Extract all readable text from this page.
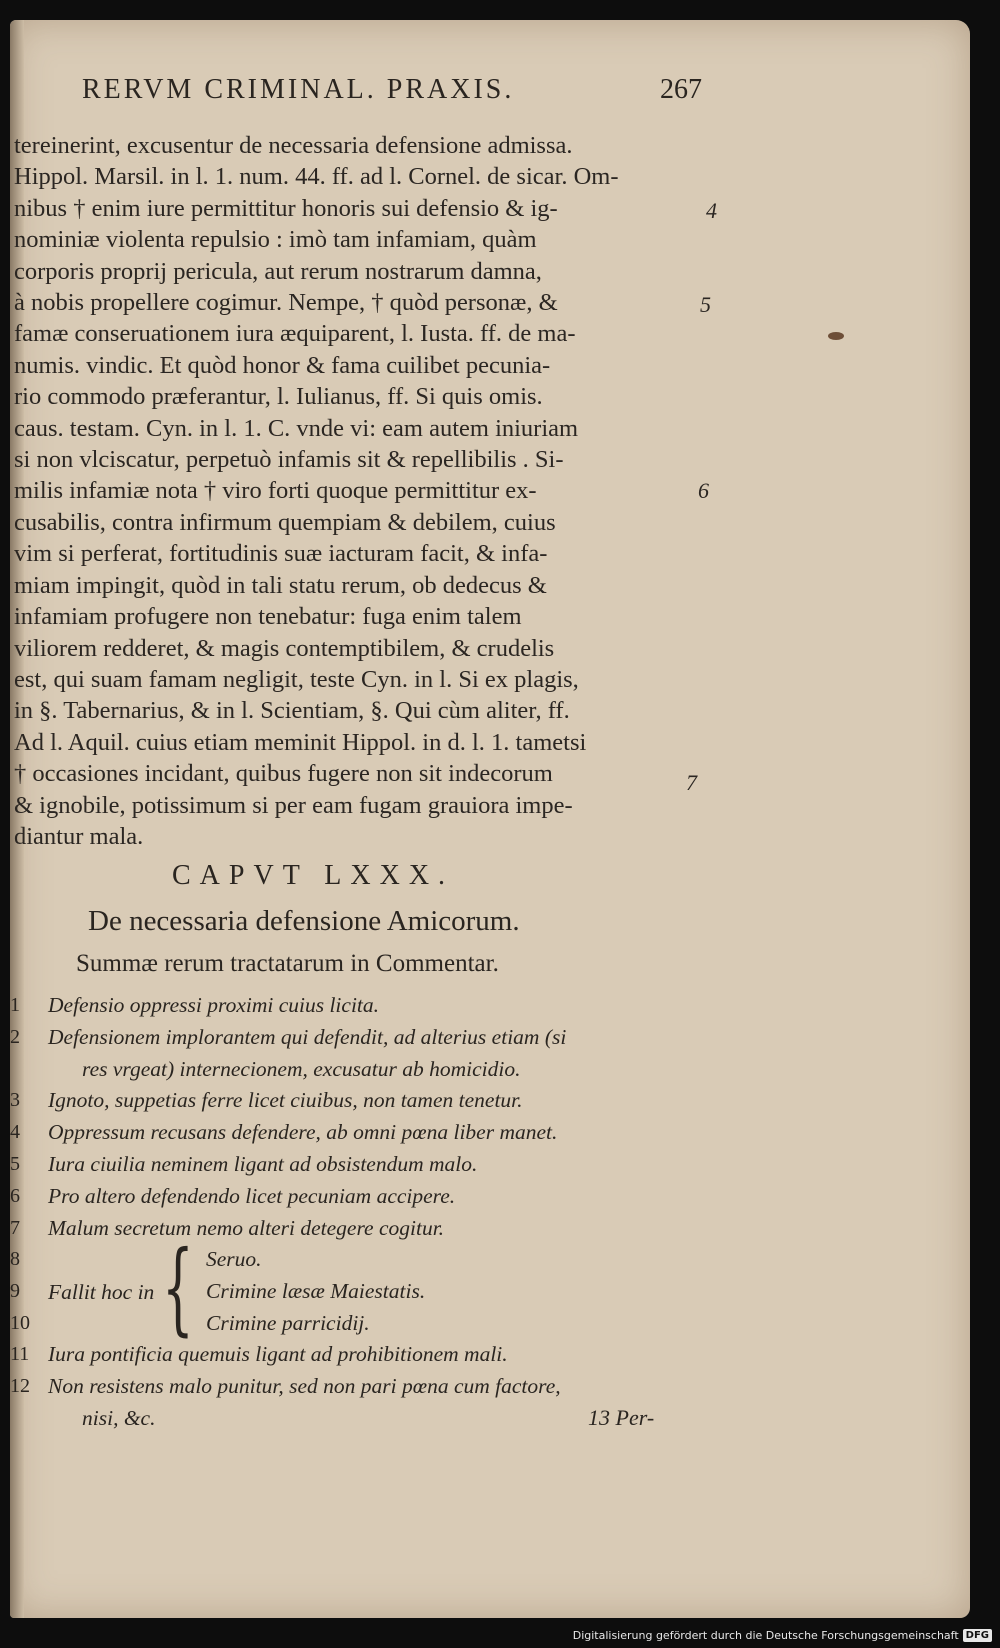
RERVM CRIMINAL. PRAXIS.	267
tereinerint, excusentur de necessaria defensione admissa.
Hippol. Marsil. in l. 1. num. 44. ff. ad l. Cornel. de sicar. Om-
nibus † enim iure permittitur honoris sui defensio & ig-
nominiæ violenta repulsio : imò tam infamiam, quàm
corporis proprij pericula, aut rerum nostrarum damna,
à nobis propellere cogimur. Nempe, † quòd personæ, &
famæ conseruationem iura æquiparent, l. Iusta. ff. de ma-
numis. vindic. Et quòd honor & fama cuilibet pecunia-
rio commodo præferantur, l. Iulianus, ff. Si quis omis.
caus. testam. Cyn. in l. 1. C. vnde vi: eam autem iniuriam
si non vlciscatur, perpetuò infamis sit & repellibilis . Si-
milis infamiæ nota † viro forti quoque permittitur ex-
cusabilis, contra infirmum quempiam & debilem, cuius
vim si perferat, fortitudinis suæ iacturam facit, & infa-
miam impingit, quòd in tali statu rerum, ob dedecus &
infamiam profugere non tenebatur: fuga enim talem
viliorem redderet, & magis contemptibilem, & crudelis
est, qui suam famam negligit, teste Cyn. in l. Si ex plagis,
in §. Tabernarius, & in l. Scientiam, §. Qui cùm aliter, ff.
Ad l. Aquil. cuius etiam meminit Hippol. in d. l. 1. tametsi
† occasiones incidant, quibus fugere non sit indecorum
& ignobile, potissimum si per eam fugam grauiora impe-
diantur mala.
4
5
6
7
CAPVT LXXX.
De necessaria defensione Amicorum.
Summæ rerum tractatarum in Commentar.
1	Defensio oppressi proximi cuius licita.
2	Defensionem implorantem qui defendit, ad alterius etiam (si
res vrgeat) internecionem, excusatur ab homicidio.
3	Ignoto, suppetias ferre licet ciuibus, non tamen tenetur.
4	Oppressum recusans defendere, ab omni pœna liber manet.
5	Iura ciuilia neminem ligant ad obsistendum malo.
6	Pro altero defendendo licet pecuniam accipere.
7	Malum secretum nemo alteri detegere cogitur.
8
9
10
Fallit hoc in { Seruo.
Crimine læsæ Maiestatis.
Crimine parricidij.
11 Iura pontificia quemuis ligant ad prohibitionem mali.
12 Non resistens malo punitur, sed non pari pœna cum factore,
nisi, &c.	13 Per-
Digitalisierung gefördert durch die Deutsche Forschungsgemeinschaft DFG
